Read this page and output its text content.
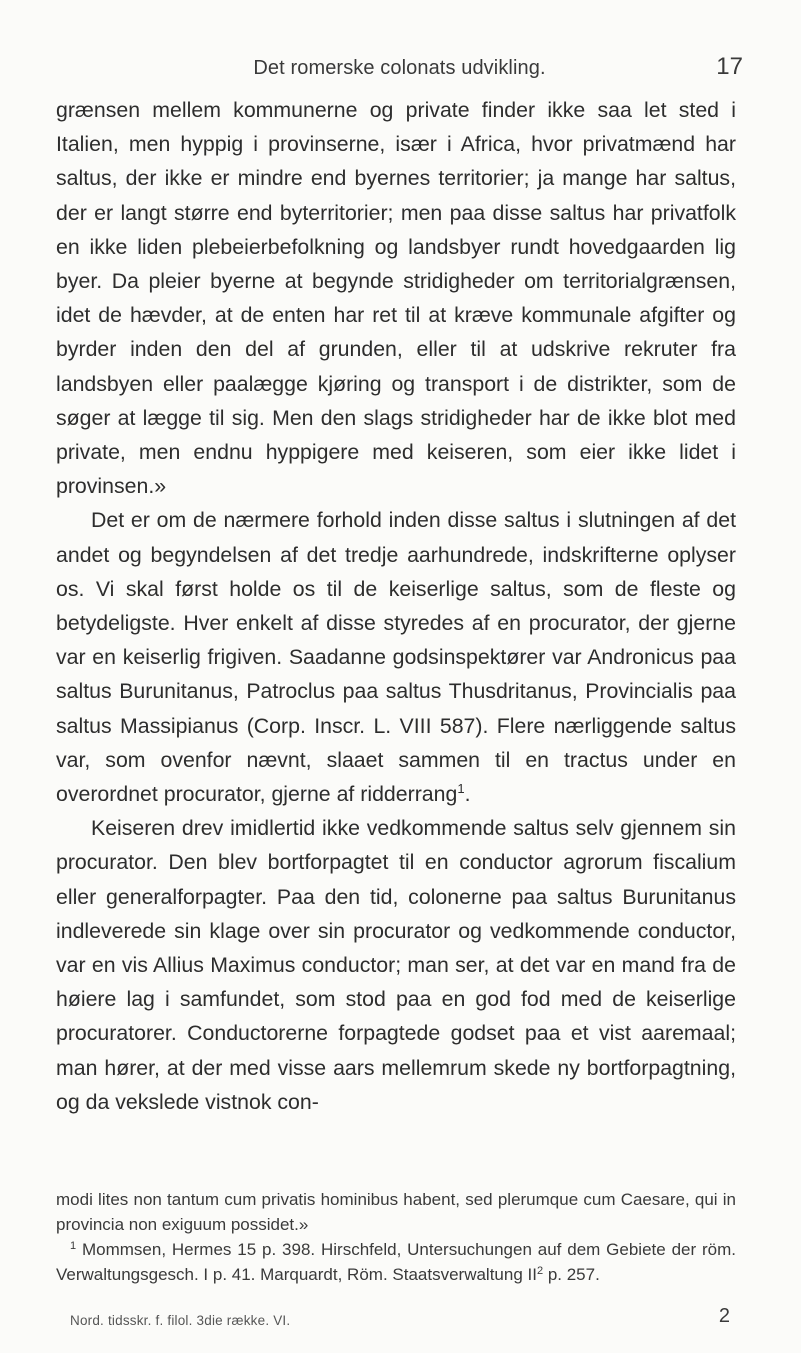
Det romerske colonats udvikling.	17

grænsen mellem kommunerne og private finder ikke saa let sted i Italien, men hyppig i provinserne, især i Africa, hvor privatmænd har saltus, der ikke er mindre end byernes territorier; ja mange har saltus, der er langt større end byterritorier; men paa disse saltus har privatfolk en ikke liden plebeierbefolkning og landsbyer rundt hovedgaarden lig byer. Da pleier byerne at begynde stridigheder om territorialgrænsen, idet de hævder, at de enten har ret til at kræve kommunale afgifter og byrder inden den del af grunden, eller til at udskrive rekruter fra landsbyen eller paalægge kjøring og transport i de distrikter, som de søger at lægge til sig. Men den slags stridigheder har de ikke blot med private, men endnu hyppigere med keiseren, som eier ikke lidet i provinsen.»

Det er om de nærmere forhold inden disse saltus i slutningen af det andet og begyndelsen af det tredje aarhundrede, indskrifterne oplyser os. Vi skal først holde os til de keiserlige saltus, som de fleste og betydeligste. Hver enkelt af disse styredes af en procurator, der gjerne var en keiserlig frigiven. Saadanne godsinspektører var Andronicus paa saltus Burunitanus, Patroclus paa saltus Thusdritanus, Provincialis paa saltus Massipianus (Corp. Inscr. L. VIII 587). Flere nærliggende saltus var, som ovenfor nævnt, slaaet sammen til en tractus under en overordnet procurator, gjerne af ridderrang$^1$.

Keiseren drev imidlertid ikke vedkommende saltus selv gjennem sin procurator. Den blev bortforpagtet til en conductor agrorum fiscalium eller generalforpagter. Paa den tid, colonerne paa saltus Burunitanus indleverede sin klage over sin procurator og vedkommende conductor, var en vis Allius Maximus conductor; man ser, at det var en mand fra de høiere lag i samfundet, som stod paa en god fod med de keiserlige procuratorer. Conductorerne forpagtede godset paa et vist aaremaal; man hører, at der med visse aars mellemrum skede ny bortforpagtning, og da vekslede vistnok con-

modi lites non tantum cum privatis hominibus habent, sed plerumque cum Caesare, qui in provincia non exiguum possidet.»

$^1$ Mommsen, Hermes 15 p. 398. Hirschfeld, Untersuchungen auf dem Gebiete der röm. Verwaltungsgesch. I p. 41. Marquardt, Röm. Staatsverwaltung $II^2$ p. 257.

Nord. tidsskr. f. filol. 3die række. VI.	2
